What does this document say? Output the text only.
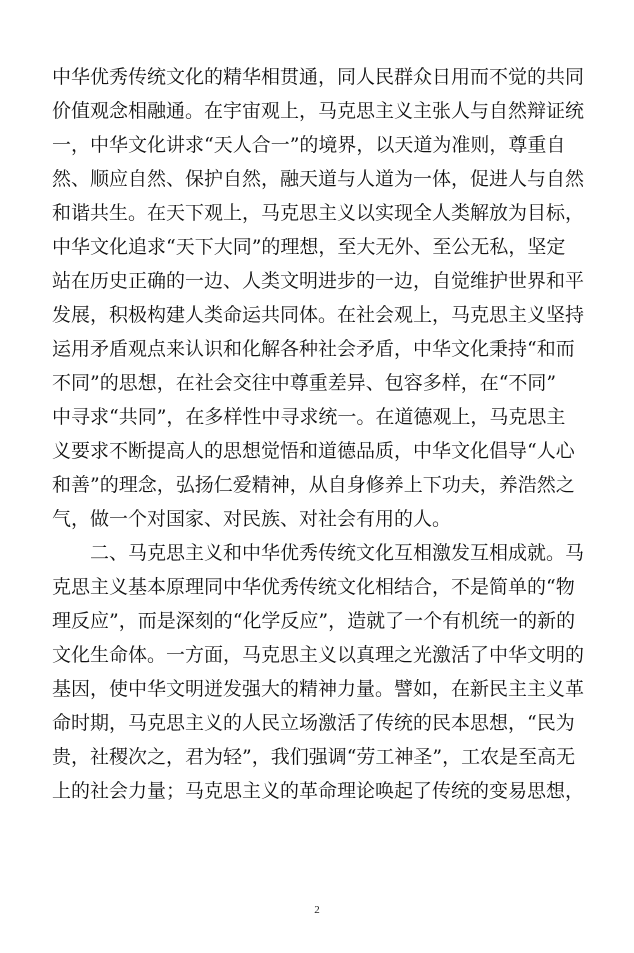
中华优秀传统文化的精华相贯通，同人民群众日用而不觉的共同
价值观念相融通。在宇宙观上，马克思主义主张人与自然辩证统
一，中华文化讲求“天人合一”的境界，以天道为准则，尊重自
然、顺应自然、保护自然，融天道与人道为一体，促进人与自然
和谐共生。在天下观上，马克思主义以实现全人类解放为目标，
中华文化追求“天下大同”的理想，至大无外、至公无私，坚定
站在历史正确的一边、人类文明进步的一边，自觉维护世界和平
发展，积极构建人类命运共同体。在社会观上，马克思主义坚持
运用矛盾观点来认识和化解各种社会矛盾，中华文化秉持“和而
不同”的思想，在社会交往中尊重差异、包容多样，在“不同”
中寻求“共同”，在多样性中寻求统一。在道德观上，马克思主
义要求不断提高人的思想觉悟和道德品质，中华文化倡导“人心
和善”的理念，弘扬仁爱精神，从自身修养上下功夫，养浩然之
气，做一个对国家、对民族、对社会有用的人。
　　二、马克思主义和中华优秀传统文化互相激发互相成就。马
克思主义基本原理同中华优秀传统文化相结合，不是简单的“物
理反应”，而是深刻的“化学反应”，造就了一个有机统一的新的
文化生命体。一方面，马克思主义以真理之光激活了中华文明的
基因，使中华文明迸发强大的精神力量。譬如，在新民主主义革
命时期，马克思主义的人民立场激活了传统的民本思想，“民为
贵，社稷次之，君为轻”，我们强调“劳工神圣”，工农是至高无
上的社会力量；马克思主义的革命理论唤起了传统的变易思想，
2
